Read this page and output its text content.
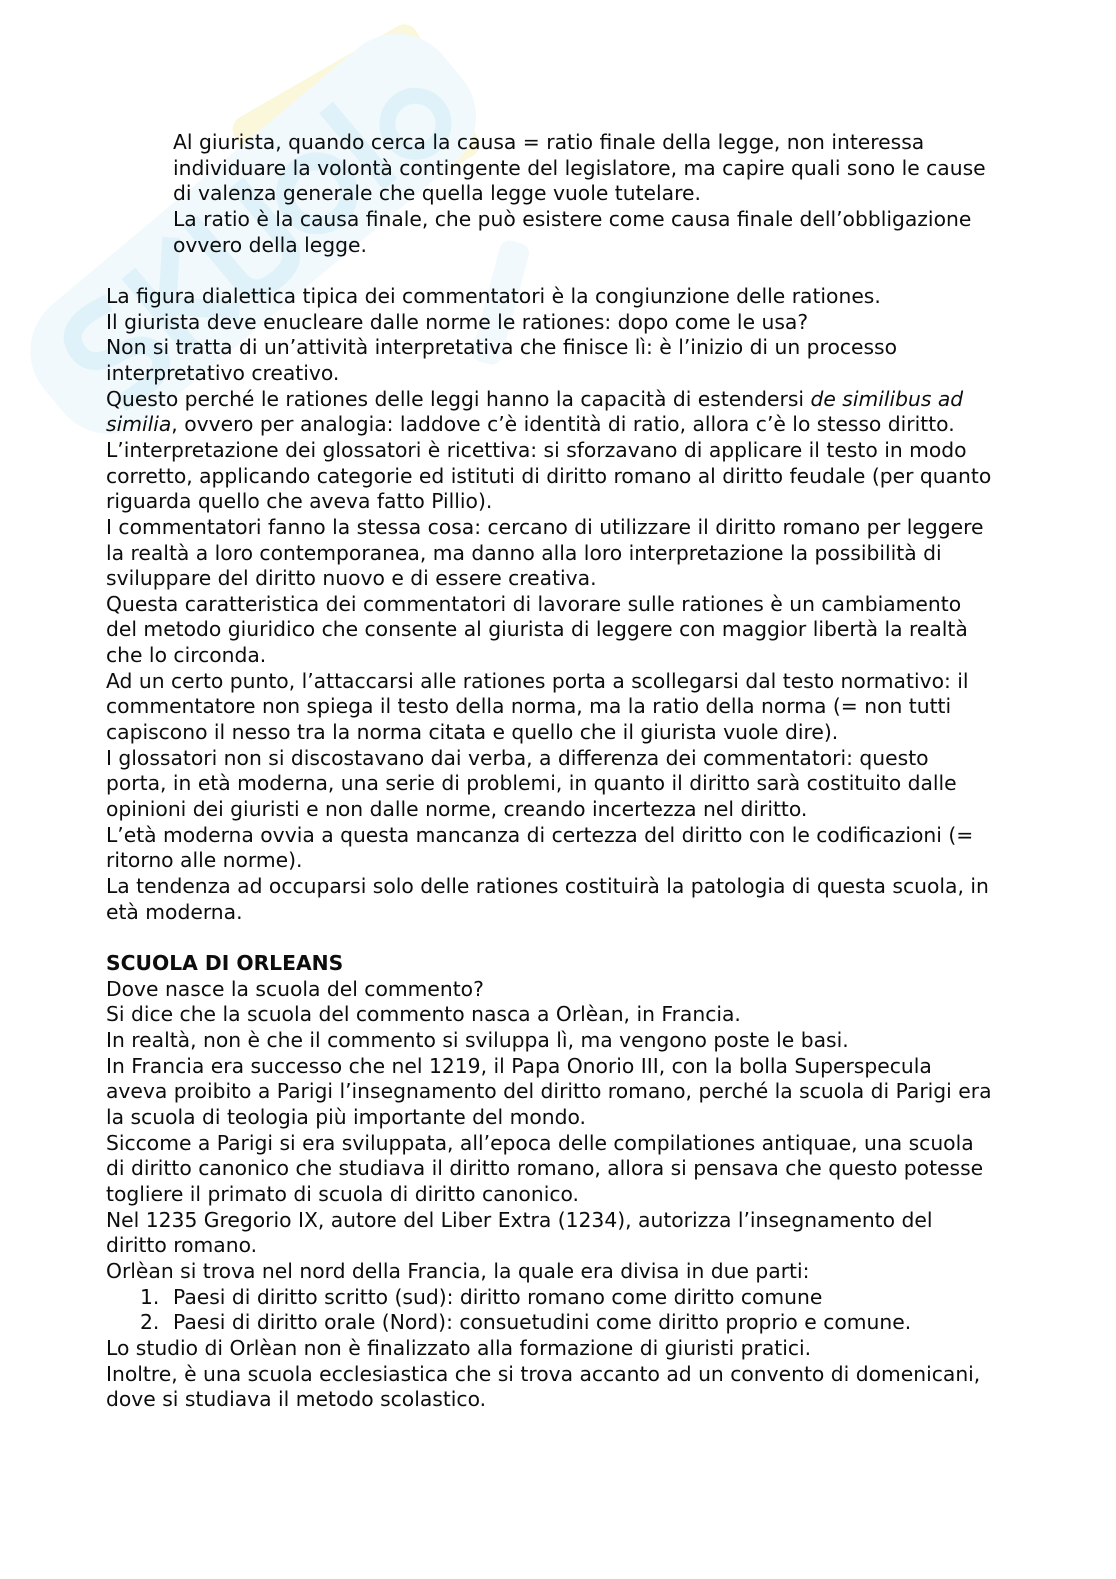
Al giurista, quando cerca la causa = ratio finale della legge, non interessa
individuare la volontà contingente del legislatore, ma capire quali sono le cause
di valenza generale che quella legge vuole tutelare.
La ratio è la causa finale, che può esistere come causa finale dell’obbligazione
ovvero della legge.
La figura dialettica tipica dei commentatori è la congiunzione delle rationes.
Il giurista deve enucleare dalle norme le rationes: dopo come le usa?
Non si tratta di un’attività interpretativa che finisce lì: è l’inizio di un processo
interpretativo creativo.
Questo perché le rationes delle leggi hanno la capacità di estendersi de similibus ad
similia, ovvero per analogia: laddove c’è identità di ratio, allora c’è lo stesso diritto.
L’interpretazione dei glossatori è ricettiva: si sforzavano di applicare il testo in modo
corretto, applicando categorie ed istituti di diritto romano al diritto feudale (per quanto
riguarda quello che aveva fatto Pillio).
I commentatori fanno la stessa cosa: cercano di utilizzare il diritto romano per leggere
la realtà a loro contemporanea, ma danno alla loro interpretazione la possibilità di
sviluppare del diritto nuovo e di essere creativa.
Questa caratteristica dei commentatori di lavorare sulle rationes è un cambiamento
del metodo giuridico che consente al giurista di leggere con maggior libertà la realtà
che lo circonda.
Ad un certo punto, l’attaccarsi alle rationes porta a scollegarsi dal testo normativo: il
commentatore non spiega il testo della norma, ma la ratio della norma (= non tutti
capiscono il nesso tra la norma citata e quello che il giurista vuole dire).
I glossatori non si discostavano dai verba, a differenza dei commentatori: questo
porta, in età moderna, una serie di problemi, in quanto il diritto sarà costituito dalle
opinioni dei giuristi e non dalle norme, creando incertezza nel diritto.
L’età moderna ovvia a questa mancanza di certezza del diritto con le codificazioni (=
ritorno alle norme).
La tendenza ad occuparsi solo delle rationes costituirà la patologia di questa scuola, in
età moderna.
SCUOLA DI ORLEANS
Dove nasce la scuola del commento?
Si dice che la scuola del commento nasca a Orlèan, in Francia.
In realtà, non è che il commento si sviluppa lì, ma vengono poste le basi.
In Francia era successo che nel 1219, il Papa Onorio III, con la bolla Superspecula
aveva proibito a Parigi l’insegnamento del diritto romano, perché la scuola di Parigi era
la scuola di teologia più importante del mondo.
Siccome a Parigi si era sviluppata, all’epoca delle compilationes antiquae, una scuola
di diritto canonico che studiava il diritto romano, allora si pensava che questo potesse
togliere il primato di scuola di diritto canonico.
Nel 1235 Gregorio IX, autore del Liber Extra (1234), autorizza l’insegnamento del
diritto romano.
Orlèan si trova nel nord della Francia, la quale era divisa in due parti:
1. Paesi di diritto scritto (sud): diritto romano come diritto comune
2. Paesi di diritto orale (Nord): consuetudini come diritto proprio e comune.
Lo studio di Orlèan non è finalizzato alla formazione di giuristi pratici.
Inoltre, è una scuola ecclesiastica che si trova accanto ad un convento di domenicani,
dove si studiava il metodo scolastico.
